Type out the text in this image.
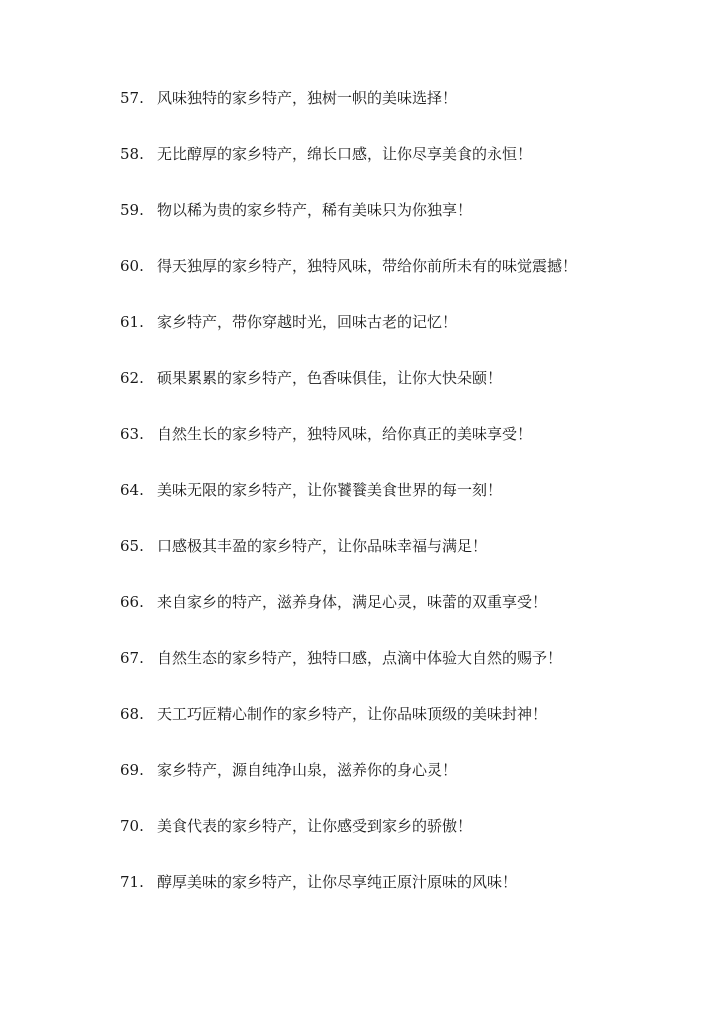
57. 风味独特的家乡特产，独树一帜的美味选择！
58. 无比醇厚的家乡特产，绵长口感，让你尽享美食的永恒！
59. 物以稀为贵的家乡特产，稀有美味只为你独享！
60. 得天独厚的家乡特产，独特风味，带给你前所未有的味觉震撼！
61. 家乡特产，带你穿越时光，回味古老的记忆！
62. 硕果累累的家乡特产，色香味俱佳，让你大快朵颐！
63. 自然生长的家乡特产，独特风味，给你真正的美味享受！
64. 美味无限的家乡特产，让你饕餮美食世界的每一刻！
65. 口感极其丰盈的家乡特产，让你品味幸福与满足！
66. 来自家乡的特产，滋养身体，满足心灵，味蕾的双重享受！
67. 自然生态的家乡特产，独特口感，点滴中体验大自然的赐予！
68. 天工巧匠精心制作的家乡特产，让你品味顶级的美味封神！
69. 家乡特产，源自纯净山泉，滋养你的身心灵！
70. 美食代表的家乡特产，让你感受到家乡的骄傲！
71. 醇厚美味的家乡特产，让你尽享纯正原汁原味的风味！
